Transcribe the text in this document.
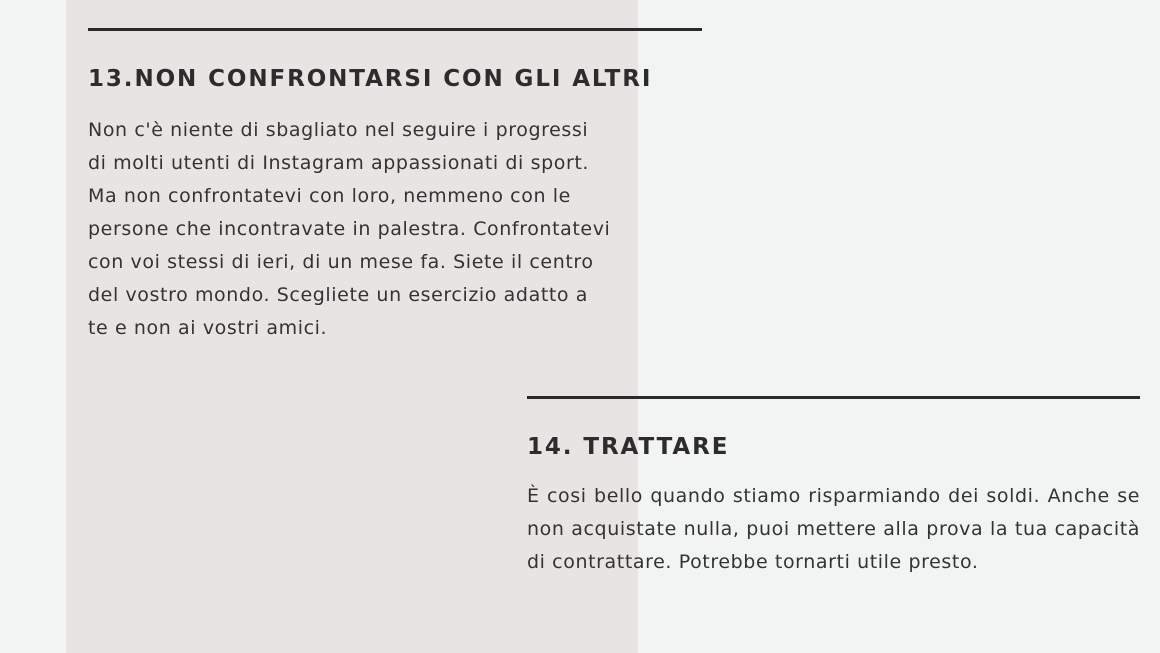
13.NON CONFRONTARSI CON GLI ALTRI

Non c'è niente di sbagliato nel seguire i progressi
di molti utenti di Instagram appassionati di sport.
Ma non confrontatevi con loro, nemmeno con le
persone che incontravate in palestra. Confrontatevi
con voi stessi di ieri, di un mese fa. Siete il centro
del vostro mondo. Scegliete un esercizio adatto a
te e non ai vostri amici.

14. TRATTARE

È cosi bello quando stiamo risparmiando dei soldi. Anche se non acquistate nulla, puoi mettere alla prova la tua capacità di contrattare. Potrebbe tornarti utile presto.
